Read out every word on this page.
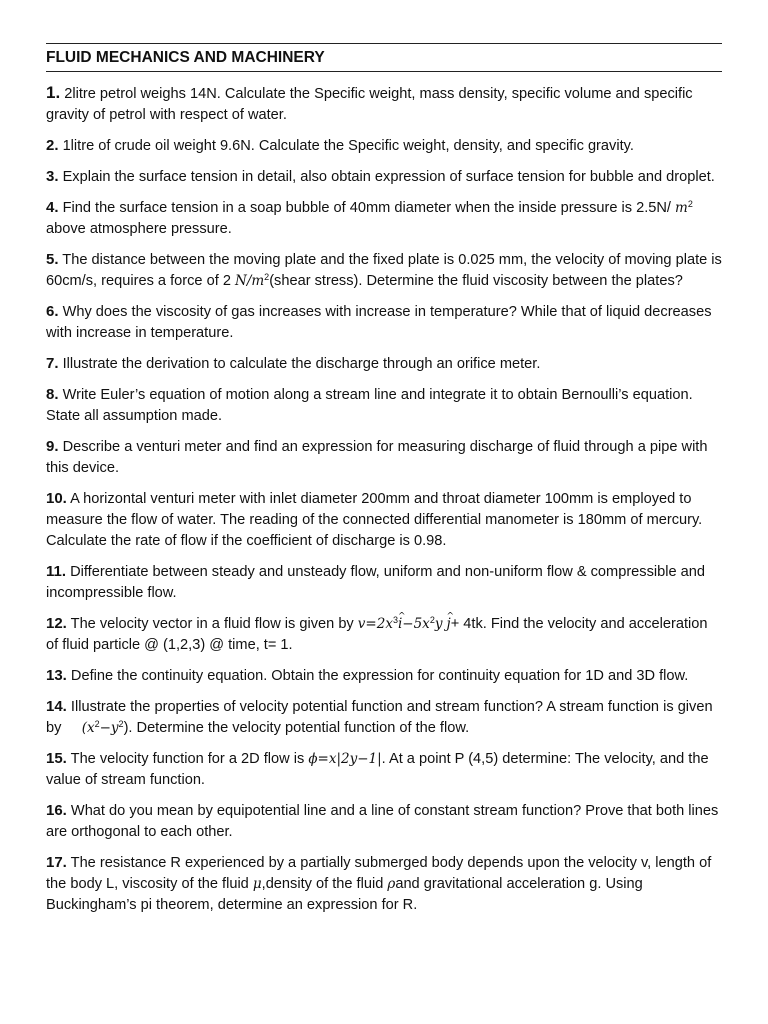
FLUID MECHANICS AND MACHINERY

1. 2litre petrol weighs 14N. Calculate the Specific weight, mass density, specific volume and specific gravity of petrol with respect of water.

2. 1litre of crude oil weight 9.6N. Calculate the Specific weight, density, and specific gravity.

3. Explain the surface tension in detail, also obtain expression of surface tension for bubble and droplet.

4. Find the surface tension in a soap bubble of 40mm diameter when the inside pressure is 2.5N/ $m^2$ above atmosphere pressure.

5. The distance between the moving plate and the fixed plate is 0.025 mm, the velocity of moving plate is 60cm/s, requires a force of 2 $N/m^2(shear$ stress). Determine the fluid viscosity between the plates?

6. Why does the viscosity of gas increases with increase in temperature? While that of liquid decreases with increase in temperature.

7. Illustrate the derivation to calculate the discharge through an orifice meter.

8. Write Euler’s equation of motion along a stream line and integrate it to obtain Bernoulli’s equation. State all assumption made.

9. Describe a venturi meter and find an expression for measuring discharge of fluid through a pipe with this device.

10. A horizontal venturi meter with inlet diameter 200mm and throat diameter 100mm is employed to measure the flow of water. The reading of the connected differential manometer is 180mm of mercury. Calculate the rate of flow if the coefficient of discharge is 0.98.

11. Differentiate between steady and unsteady flow, uniform and non-uniform flow & compressible and incompressible flow.

12. The velocity vector in a fluid flow is given by $v=2x^3i-5x$ ^$^2$y j ^+ 4tk. Find the velocity and acceleration of fluid particle @ (1,2,3) @ time, t= 1.

13. Define the continuity equation. Obtain the expression for continuity equation for 1D and 3D flow.

14. Illustrate the properties of velocity potential function and stream function? A stream function is given by     $(x^2-y^2)$. Determine the velocity potential function of the flow.

15. The velocity function for a 2D flow is ϕ=x|2y−1|. At a point P (4,5) determine: The velocity, and the value of stream function.

16. What do you mean by equipotential line and a line of constant stream function? Prove that both lines are orthogonal to each other.

17. The resistance R experienced by a partially submerged body depends upon the velocity v, length of the body L, viscosity of the fluid μ,density of the fluid ρand gravitational acceleration g. Using Buckingham’s pi theorem, determine an expression for R.
